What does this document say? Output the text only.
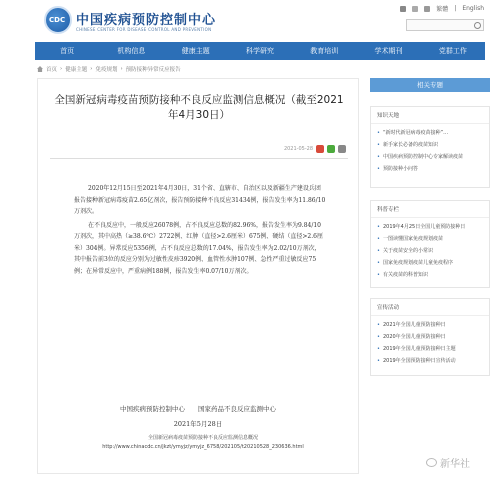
CDC 中国疾病预防控制中心
CHINESE CENTER FOR DISEASE CONTROL AND PREVENTION
繁體 | English
首页	机构信息	健康主题	科学研究	教育培训	学术期刊	党群工作
首页 › 健康主题 › 免疫规划 › 预防接种异常反应报告
全国新冠病毒疫苗预防接种不良反应监测信息概况（截至2021年4月30日）
2021-05-28

2020年12月15日至2021年4月30日，31个省、直辖市、自治区以及新疆生产建设兵团报告接种新冠病毒疫苗2.65亿剂次，报告预防接种不良反应31434例，报告发生率为11.86/10万剂次。

在不良反应中，一般反应26078例，占不良反应总数的82.96%，报告发生率为9.84/10万剂次，其中高热（≥38.6℃）2722例、红肿（直径>2.6厘米）675例、硬结（直径>2.6厘米）304例。异常反应5356例，占不良反应总数的17.04%，报告发生率为2.02/10万剂次，其中报告前3位的反应分别为过敏性皮疹3920例、血管性水肿107例、急性严重过敏反应75例；在异常反应中，严重病例188例，报告发生率0.07/10万剂次。

中国疾病预防控制中心　　国家药品不良反应监测中心
2021年5月28日
全国新冠病毒疫苗预防接种不良反应监测信息概况
http://www.chinacdc.cn/jkzt/ymyjz/ymyjz_6758/202105/t20210528_230636.html
相关专题
知识天地
• “新时代新冠病毒疫苗接种”…
• 新手家长必备的疫苗知识
• 中国疾病预防控制中心专家解读疫苗
• 预防接种小问答
科普专栏
• 2019年4月25日全国儿童预防接种日
• 一图读懂国家免疫规划疫苗
• 关于疫苗安全的小常识
• 国家免疫规划疫苗儿童免疫程序
• 有关疫苗的科普知识
宣传活动
• 2021年全国儿童预防接种日
• 2020年全国儿童预防接种日
• 2019年全国儿童预防接种日主题
• 2019年全国预防接种日宣传活动
新华社
